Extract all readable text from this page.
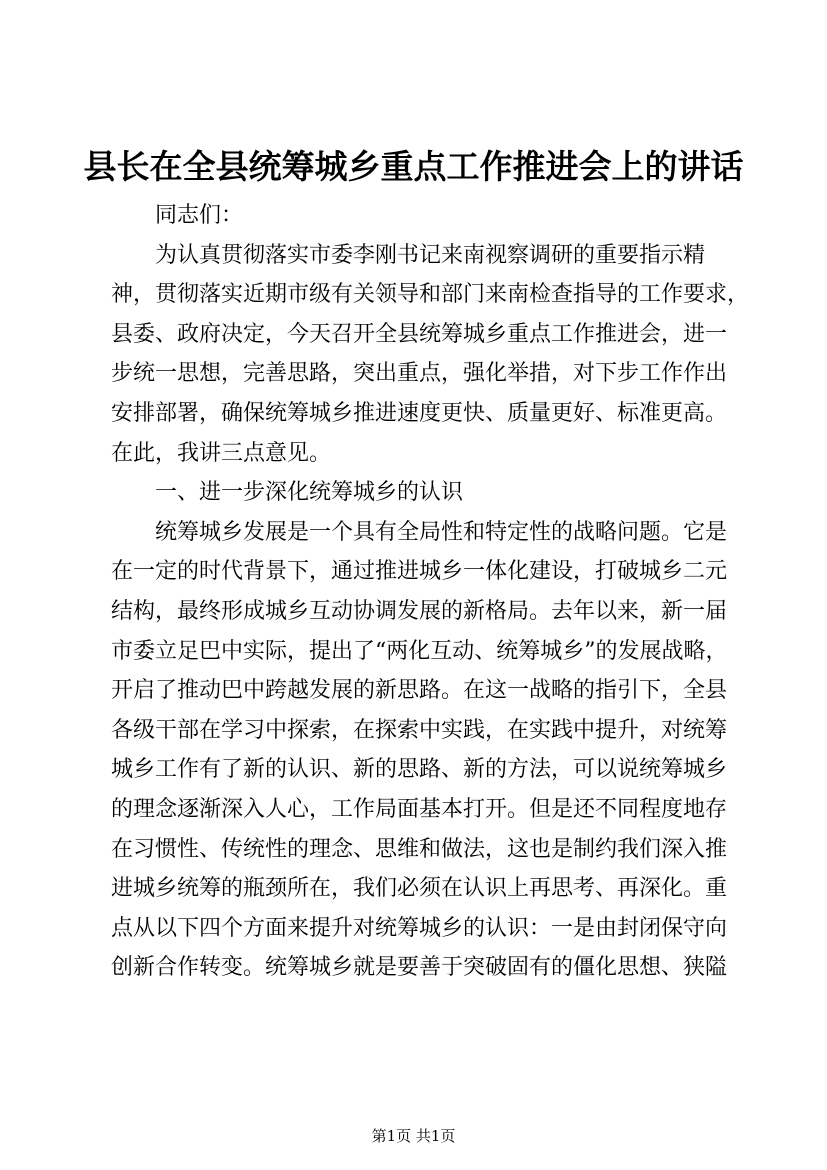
县长在全县统筹城乡重点工作推进会上的讲话
同志们：
为认真贯彻落实市委李刚书记来南视察调研的重要指示精
神，贯彻落实近期市级有关领导和部门来南检查指导的工作要求，
县委、政府决定，今天召开全县统筹城乡重点工作推进会，进一
步统一思想，完善思路，突出重点，强化举措，对下步工作作出
安排部署，确保统筹城乡推进速度更快、质量更好、标准更高。
在此，我讲三点意见。
一、进一步深化统筹城乡的认识
统筹城乡发展是一个具有全局性和特定性的战略问题。它是
在一定的时代背景下，通过推进城乡一体化建设，打破城乡二元
结构，最终形成城乡互动协调发展的新格局。去年以来，新一届
市委立足巴中实际，提出了“两化互动、统筹城乡”的发展战略，
开启了推动巴中跨越发展的新思路。在这一战略的指引下，全县
各级干部在学习中探索，在探索中实践，在实践中提升，对统筹
城乡工作有了新的认识、新的思路、新的方法，可以说统筹城乡
的理念逐渐深入人心，工作局面基本打开。但是还不同程度地存
在习惯性、传统性的理念、思维和做法，这也是制约我们深入推
进城乡统筹的瓶颈所在，我们必须在认识上再思考、再深化。重
点从以下四个方面来提升对统筹城乡的认识：一是由封闭保守向
创新合作转变。统筹城乡就是要善于突破固有的僵化思想、狭隘
第1页 共1页
